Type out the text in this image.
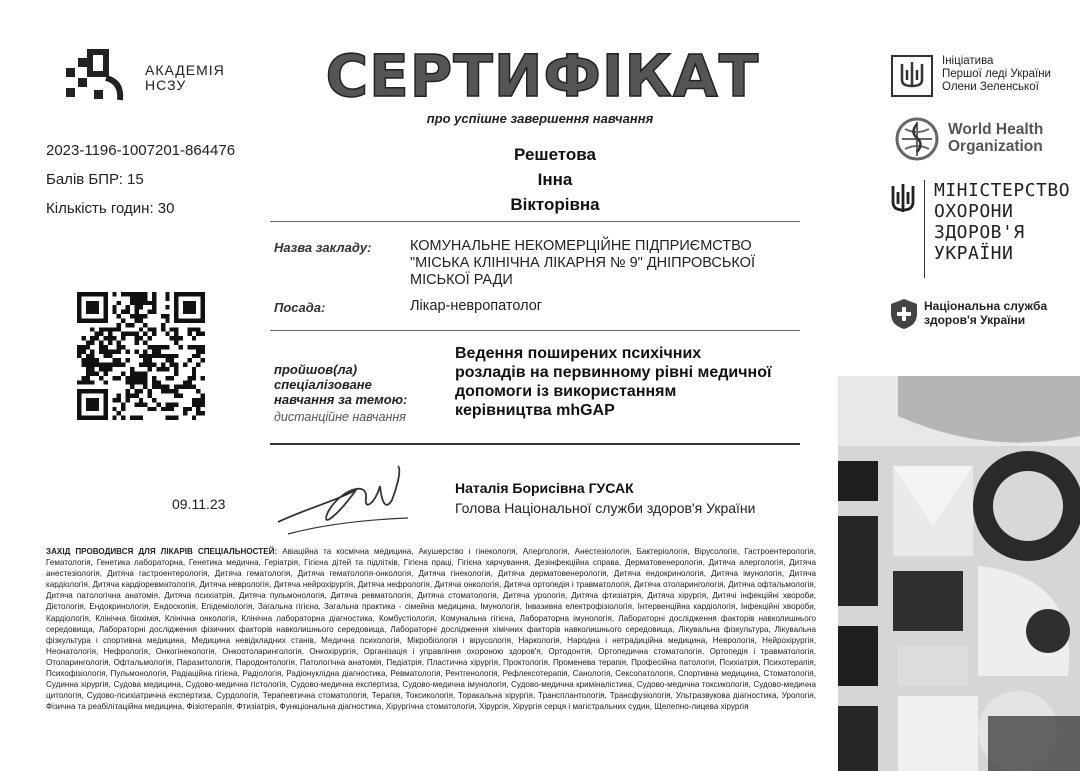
АКАДЕМІЯ
НСЗУ	СЕРТИФІКАТ
про успішне завершення навчання
2023-1196-1007201-864476
Балів БПР: 15
Кількість годин: 30
Решетова
Інна
Вікторівна
Назва закладу:	КОМУНАЛЬНЕ НЕКОМЕРЦІЙНЕ ПІДПРИЄМСТВО
"МІСЬКА КЛІНІЧНА ЛІКАРНЯ № 9" ДНІПРОВСЬКОЇ
МІСЬКОЇ РАДИ
Посада:	Лікар-невропатолог
пройшов(ла)
спеціалізоване
навчання за темою:
Ведення поширених психічних
розладів на первинному рівні медичної
допомоги із використанням
керівництва mhGAP
дистанційне навчання
09.11.23
Наталія Борисівна ГУСАК
Голова Національної служби здоров'я України
ЗАХІД ПРОВОДИВСЯ ДЛЯ ЛІКАРІВ СПЕЦІАЛЬНОСТЕЙ: Авіаційна та космічна медицина, Акушерство і гінекологія, Алергологія, Анестезіологія, Бактеріологія, Вірусологія, Гастроентерологія, Гематологія, Генетика лабораторна, Генетика медична, Геріатрія, Гігієна дітей та підлітків, Гігієна праці, Гігієна харчування, Дезінфекційна справа, Дерматовенерологія, Дитяча алергологія, Дитяча анестезіологія, Дитяча гастроентерологія, Дитяча гематологія, Дитяча гематологія-онкологія, Дитяча гінекологія, Дитяча дерматовенерологія, Дитяча ендокринологія, Дитяча імунологія, Дитяча кардіологія, Дитяча кардіоревматологія, Дитяча неврологія, Дитяча нейрохірургія, Дитяча нефрологія, Дитяча онкологія, Дитяча ортопедія і травматологія, Дитяча отоларингологія, Дитяча офтальмологія, Дитяча патологічна анатомія, Дитяча психіатрія, Дитяча пульмонологія, Дитяча ревматологія, Дитяча стоматологія, Дитяча урологія, Дитяча фтизіатрія, Дитяча хірургія, Дитячі інфекційні хвороби, Дієтологія, Ендокринологія, Ендоскопія, Епідеміологія, Загальна гігієна, Загальна практика - сімейна медицина, Імунологія, Інвазивна електрофізіологія, Інтервенційна кардіологія, Інфекційні хвороби, Кардіологія, Клінічна біохімія, Клінічна онкологія, Клінічна лабораторна діагностика, Комбустіологія, Комунальна гігієна, Лабораторна імунологія, Лабораторні дослідження факторів навколишнього середовища, Лабораторні дослідження фізичних факторів навколишнього середовища, Лабораторні дослідження хімічних факторів навколишнього середовища, Лікувальна фізкультура, Лікувальна фізкультура і спортивна медицина, Медицина невідкладних станів, Медична психологія, Мікробіологія і вірусологія, Наркологія, Народна і нетрадиційна медицина, Неврологія, Нейрохірургія, Неонатологія, Нефрологія, Онкогінекологія, Онкоотоларингологія, Онкохірургія, Організація і управління охороною здоров'я, Ортодонтія, Ортопедична стоматологія, Ортопедія і травматологія, Отоларингологія, Офтальмологія, Паразитологія, Пародонтологія, Патологічна анатомія, Педіатрія, Пластична хірургія, Проктологія, Променева терапія, Професійна патологія, Психіатрія, Психотерапія, Психофізіологія, Пульмонологія, Радіаційна гігієна, Радіологія, Радіонуклідна діагностика, Ревматологія, Рентгенологія, Рефлексотерапія, Санологія, Сексопатологія, Спортивна медицина, Стоматологія, Судинна хірургія, Судова медицина, Судово-медична гістологія, Судово-медична експертиза, Судово-медична імунологія, Судово-медична криміналістика, Судово-медична токсикологія, Судово-медична цитологія, Судово-психіатрична експертиза, Сурдологія, Терапевтична стоматологія, Терапія, Токсикологія, Торакальна хірургія, Трансплантологія, Трансфузіологія, Ультразвукова діагностика, Урологія, Фізична та реабілітаційна медицина, Фізіотерапія, Фтизіатрія, Функціональна діагностика, Хірургічна стоматологія, Хірургія, Хірургія серця і магістральних судин, Щелепно-лицева хірургія
Ініціатива
Першої леді України
Олени Зеленської
World Health
Organization
МІНІСТЕРСТВО
ОХОРОНИ
ЗДОРОВ'Я
УКРАЇНИ
Національна служба
здоров'я України
